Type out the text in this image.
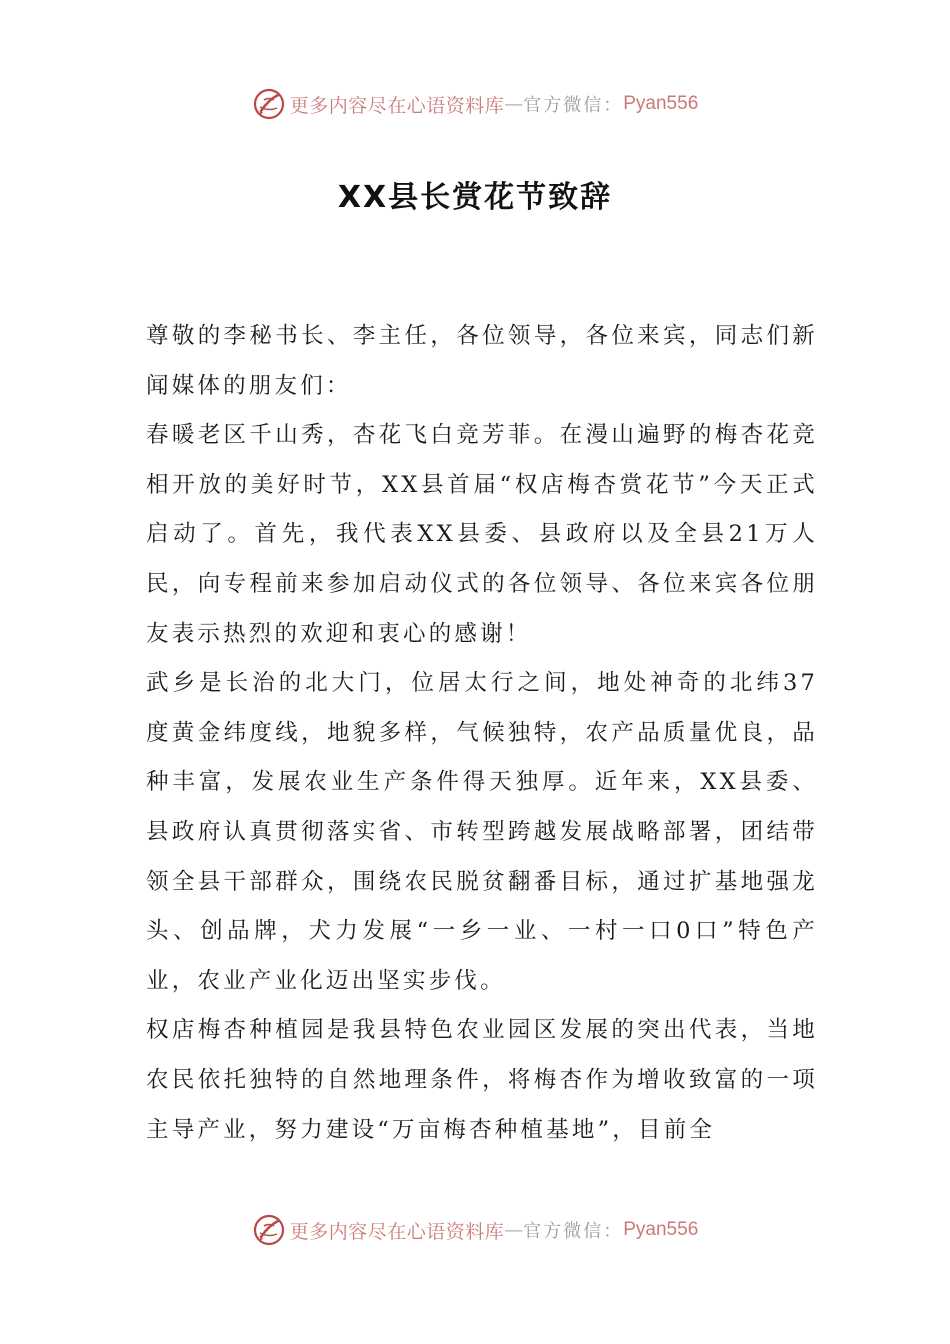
更多内容尽在心语资料库 — 官方微信： Pyan556
XX县长赏花节致辞

尊敬的李秘书长、李主任，各位领导，各位来宾，同志们新闻媒体的朋友们：

春暖老区千山秀，杏花飞白竞芳菲。在漫山遍野的梅杏花竞相开放的美好时节，XX县首届“权店梅杏赏花节”今天正式启动了。首先，我代表XX县委、县政府以及全县21万人民，向专程前来参加启动仪式的各位领导、各位来宾各位朋友表示热烈的欢迎和衷心的感谢！

武乡是长治的北大门，位居太行之间，地处神奇的北纬37度黄金纬度线，地貌多样，气候独特，农产品质量优良，品种丰富，发展农业生产条件得天独厚。近年来，XX县委、县政府认真贯彻落实省、市转型跨越发展战略部署，团结带领全县干部群众，围绕农民脱贫翻番目标，通过扩基地强龙头、创品牌，犬力发展“一乡一业、一村一口0口”特色产业，农业产业化迈出坚实步伐。

权店梅杏种植园是我县特色农业园区发展的突出代表，当地农民依托独特的自然地理条件，将梅杏作为增收致富的一项主导产业，努力建设“万亩梅杏种植基地”，目前全

更多内容尽在心语资料库 — 官方微信： Pyan556
